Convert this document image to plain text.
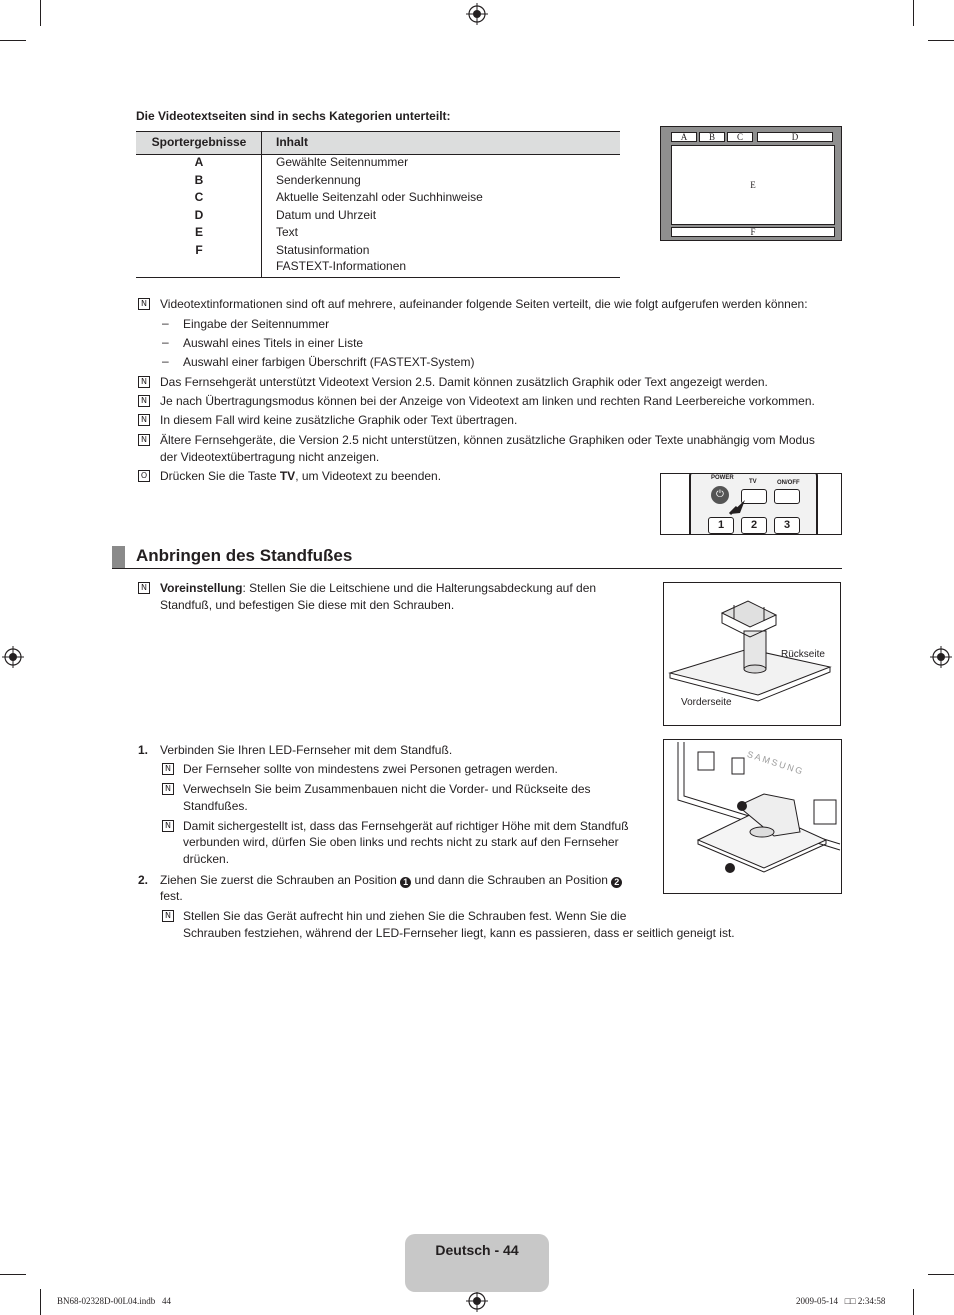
Die Videotextseiten sind in sechs Kategorien unterteilt:
Sportergebnisse	Inhalt
A	Gewählte Seitennummer
B	Senderkennung
C	Aktuelle Seitenzahl oder Suchhinweise
D	Datum und Uhrzeit
E	Text
F	Statusinformation
FASTEXT-Informationen
A	B	C	D
E
F
N Videotextinformationen sind oft auf mehrere, aufeinander folgende Seiten verteilt, die wie folgt aufgerufen werden können:
– Eingabe der Seitennummer
– Auswahl eines Titels in einer Liste
– Auswahl einer farbigen Überschrift (FASTEXT-System)
N Das Fernsehgerät unterstützt Videotext Version 2.5. Damit können zusätzlich Graphik oder Text angezeigt werden.
N Je nach Übertragungsmodus können bei der Anzeige von Videotext am linken und rechten Rand Leerbereiche vorkommen.
N In diesem Fall wird keine zusätzliche Graphik oder Text übertragen.
N Ältere Fernsehgeräte, die Version 2.5 nicht unterstützen, können zusätzliche Graphiken oder Texte unabhängig vom Modus
der Videotextübertragung nicht anzeigen.
O Drücken Sie die Taste TV, um Videotext zu beenden.	POWER
TV	ON/OFF
⏻
1	2	3
Anbringen des Standfußes
N Voreinstellung: Stellen Sie die Leitschiene und die Halterungsabdeckung auf den
Standfuß, und befestigen Sie diese mit den Schrauben.
Rückseite
Vorderseite
SAMSUNG
1. Verbinden Sie Ihren LED-Fernseher mit dem Standfuß.
N Der Fernseher sollte von mindestens zwei Personen getragen werden.
N Verwechseln Sie beim Zusammenbauen nicht die Vorder- und Rückseite des
Standfußes.
N Damit sichergestellt ist, dass das Fernsehgerät auf richtiger Höhe mit dem Standfuß
verbunden wird, dürfen Sie oben links und rechts nicht zu stark auf den Fernseher
drücken.
2. Ziehen Sie zuerst die Schrauben an Position 1 und dann die Schrauben an Position 2
fest.
N Stellen Sie das Gerät aufrecht hin und ziehen Sie die Schrauben fest. Wenn Sie die
Schrauben festziehen, während der LED-Fernseher liegt, kann es passieren, dass er seitlich geneigt ist.
Deutsch - 44
BN68-02328D-00L04.indb   44	2009-05-14   □□ 2:34:58
